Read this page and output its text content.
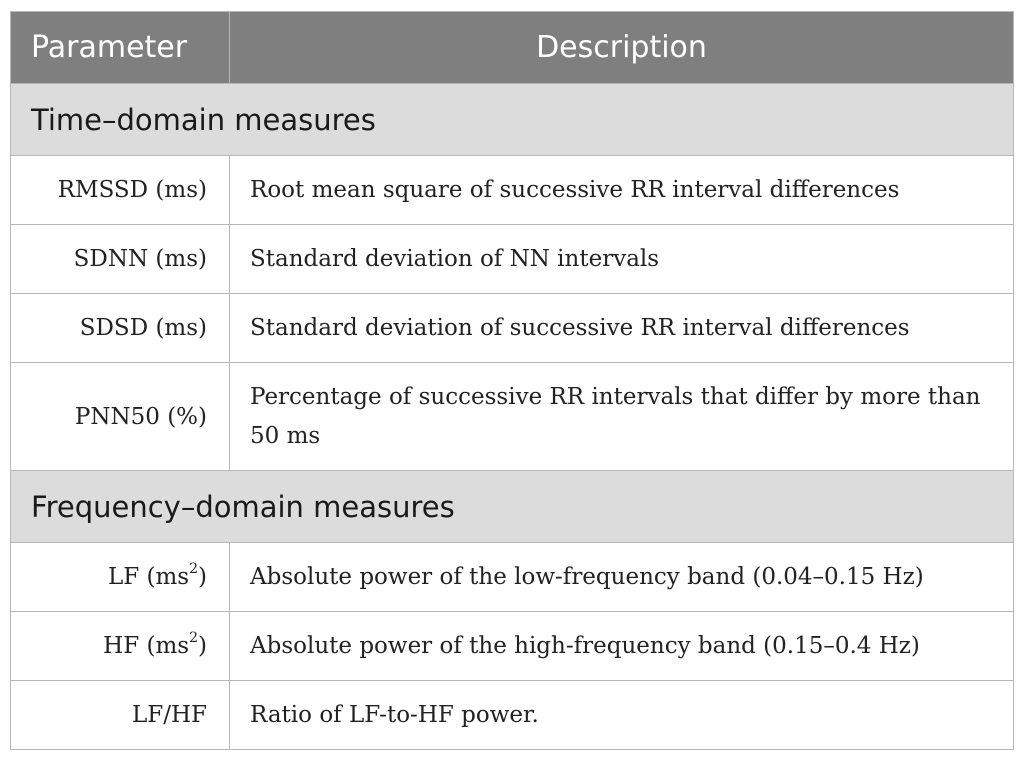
Parameter	Description
Time–domain measures	
RMSSD (ms)	Root mean square of successive RR interval differences
SDNN (ms)	Standard deviation of NN intervals
SDSD (ms)	Standard deviation of successive RR interval differences
PNN50 (%)	Percentage of successive RR intervals that differ by more than 50 ms
Frequency–domain measures	
LF $(ms^2)$	Absolute power of the low-frequency band (0.04–0.15 Hz)
HF $(ms^2)$	Absolute power of the high-frequency band (0.15–0.4 Hz)
LF/HF	Ratio of LF-to-HF power.
